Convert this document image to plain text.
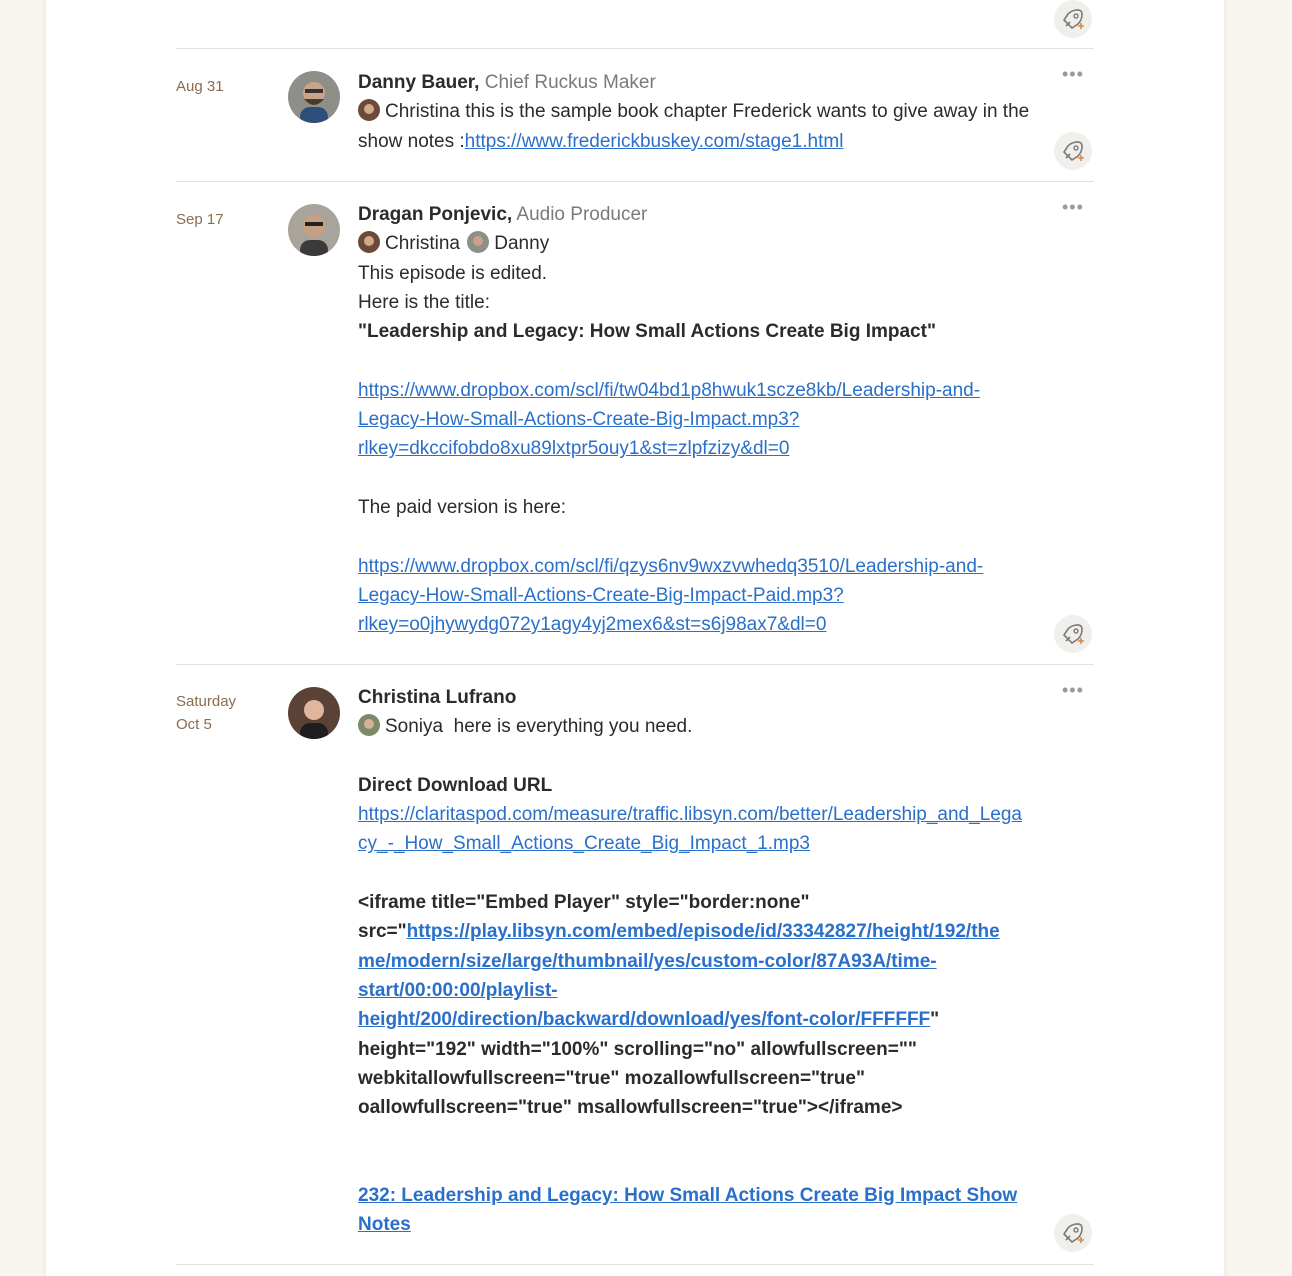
Aug 31	Danny Bauer, Chief Ruckus Maker
Christina this is the sample book chapter Frederick wants to give away in the show notes :https://www.frederickbuskey.com/stage1.html
•••
Sep 17	Dragan Ponjevic, Audio Producer
Christina Danny
This episode is edited.
Here is the title:
"Leadership and Legacy: How Small Actions Create Big Impact"

https://www.dropbox.com/scl/fi/tw04bd1p8hwuk1scze8kb/Leadership-and-
Legacy-How-Small-Actions-Create-Big-Impact.mp3?
rlkey=dkccifobdo8xu89lxtpr5ouy1&st=zlpfzizy&dl=0

The paid version is here:

https://www.dropbox.com/scl/fi/qzys6nv9wxzvwhedq3510/Leadership-and-
Legacy-How-Small-Actions-Create-Big-Impact-Paid.mp3?
rlkey=o0jhywydg072y1agy4yj2mex6&st=s6j98ax7&dl=0
•••
Saturday
Oct 5
Christina Lufrano
Soniya  here is everything you need.

Direct Download URL
https://claritaspod.com/measure/traffic.libsyn.com/better/Leadership_and_Lega
cy_-_How_Small_Actions_Create_Big_Impact_1.mp3

<iframe title="Embed Player" style="border:none"
src="https://play.libsyn.com/embed/episode/id/33342827/height/192/the
me/modern/size/large/thumbnail/yes/custom-color/87A93A/time-
start/00:00:00/playlist-
height/200/direction/backward/download/yes/font-color/FFFFFF"
height="192" width="100%" scrolling="no" allowfullscreen=""
webkitallowfullscreen="true" mozallowfullscreen="true"
oallowfullscreen="true" msallowfullscreen="true"></iframe>

232: Leadership and Legacy: How Small Actions Create Big Impact Show
Notes
•••
